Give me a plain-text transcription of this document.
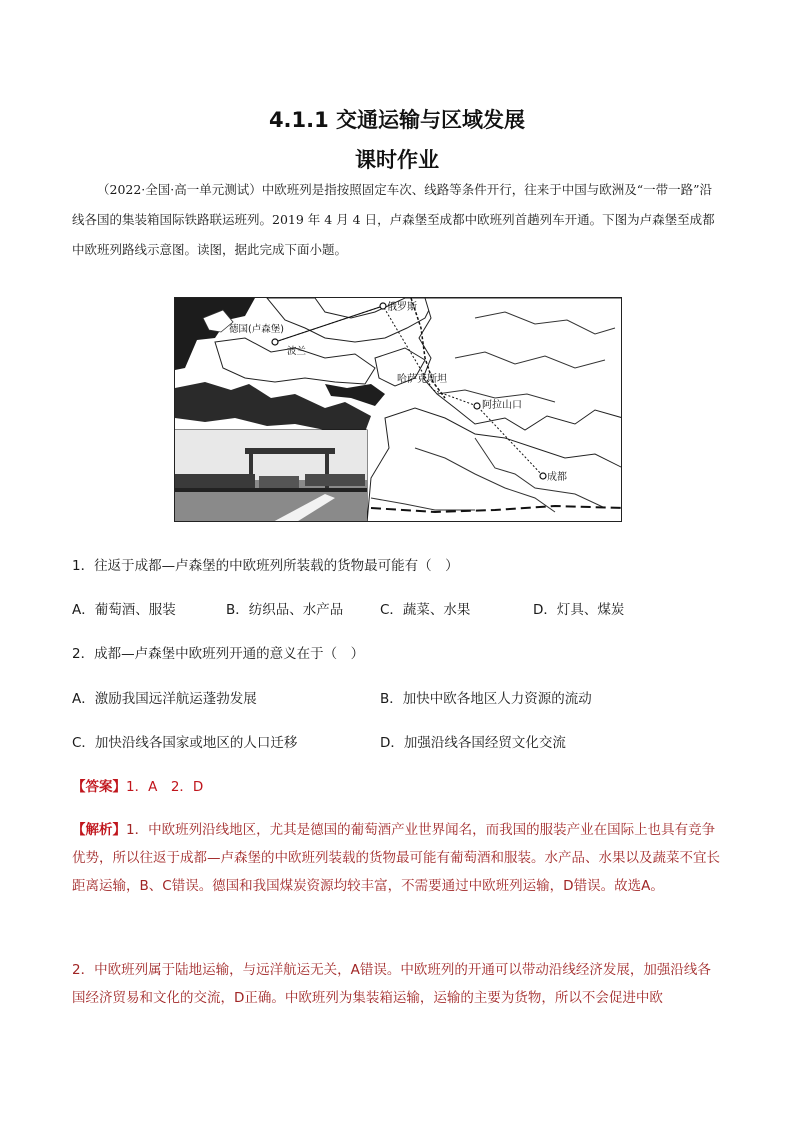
4.1.1 交通运输与区域发展
课时作业
（2022·全国·高一单元测试）中欧班列是指按照固定车次、线路等条件开行，往来于中国与欧洲及“一带一路”沿线各国的集装箱国际铁路联运班列。2019 年 4 月 4 日，卢森堡至成都中欧班列首趟列车开通。下图为卢森堡至成都中欧班列路线示意图。读图，据此完成下面小题。
俄罗斯
德国(卢森堡)
波兰
哈萨克斯坦
阿拉山口
成都
1．往返于成都—卢森堡的中欧班列所装载的货物最可能有（　）
A．葡萄酒、服装	B．纺织品、水产品	C．蔬菜、水果	D．灯具、煤炭
2．成都—卢森堡中欧班列开通的意义在于（　）
A．激励我国远洋航运蓬勃发展	B．加快中欧各地区人力资源的流动
C．加快沿线各国家或地区的人口迁移	D．加强沿线各国经贸文化交流
【答案】1．A　2．D

【解析】1．中欧班列沿线地区，尤其是德国的葡萄酒产业世界闻名，而我国的服装产业在国际上也具有竞争优势，所以往返于成都—卢森堡的中欧班列装载的货物最可能有葡萄酒和服装。水产品、水果以及蔬菜不宜长距离运输，B、C错误。德国和我国煤炭资源均较丰富，不需要通过中欧班列运输，D错误。故选A。

2．中欧班列属于陆地运输，与远洋航运无关，A错误。中欧班列的开通可以带动沿线经济发展，加强沿线各国经济贸易和文化的交流，D正确。中欧班列为集装箱运输，运输的主要为货物，所以不会促进中欧
